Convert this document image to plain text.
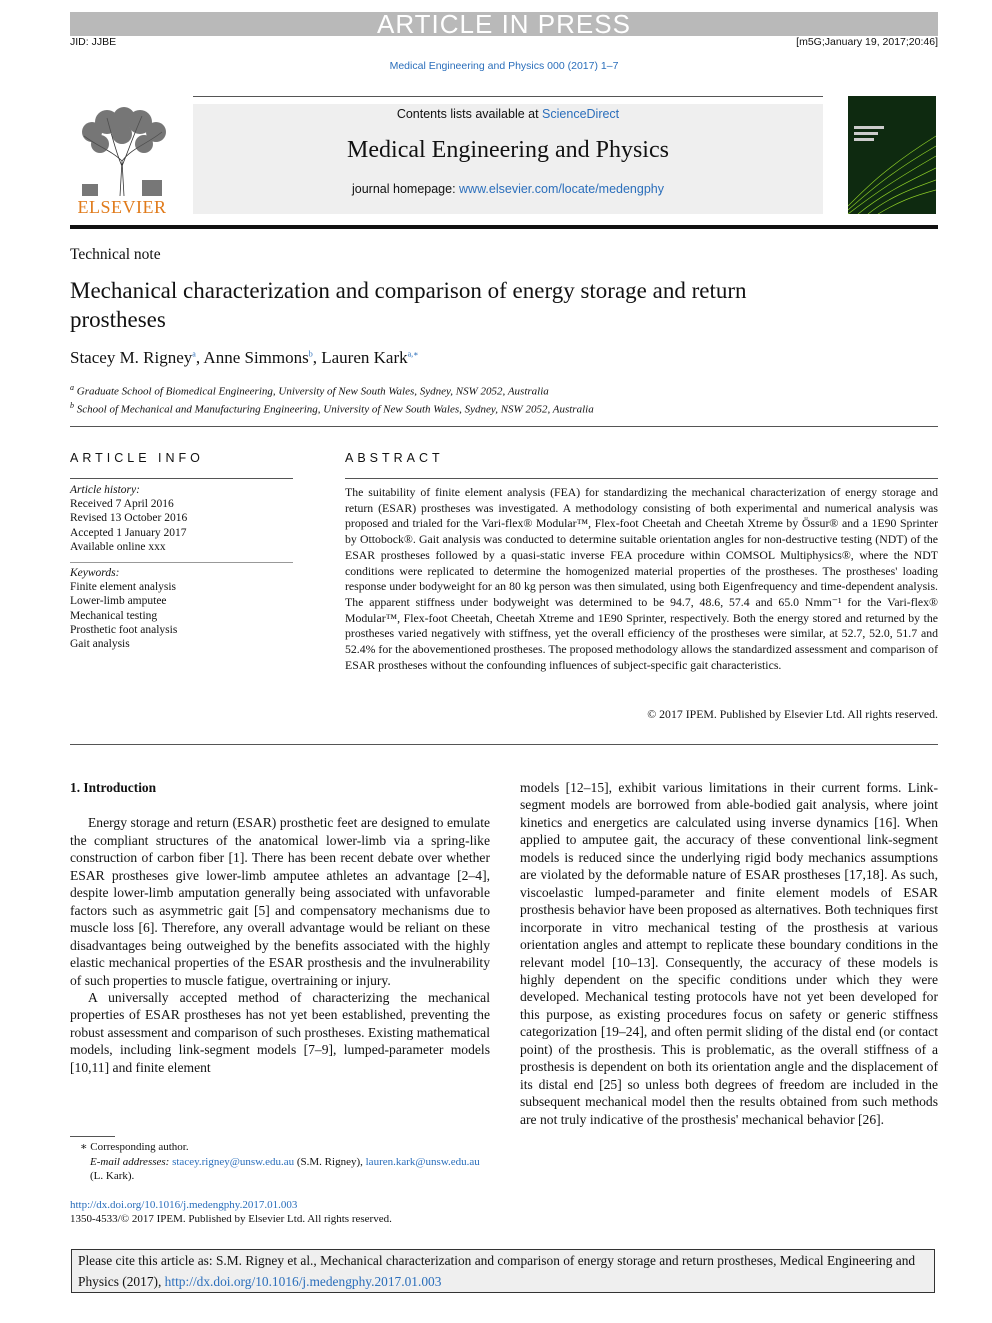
ARTICLE IN PRESS
JID: JJBE	[m5G;January 19, 2017;20:46]
Medical Engineering and Physics 000 (2017) 1–7
ELSEVIER
Contents lists available at ScienceDirect
Medical Engineering and Physics
journal homepage: www.elsevier.com/locate/medengphy
Technical note
Mechanical characterization and comparison of energy storage and return prostheses
Stacey M. Rigney$^a$, Anne Simmons$^b$, Lauren Kark$^{a,∗}$
$^a$ Graduate School of Biomedical Engineering, University of New South Wales, Sydney, NSW 2052, Australia
$^b$ School of Mechanical and Manufacturing Engineering, University of New South Wales, Sydney, NSW 2052, Australia
ARTICLE INFO
Article history:
Received 7 April 2016
Revised 13 October 2016
Accepted 1 January 2017
Available online xxx
Keywords:
Finite element analysis
Lower-limb amputee
Mechanical testing
Prosthetic foot analysis
Gait analysis
ABSTRACT
The suitability of finite element analysis (FEA) for standardizing the mechanical characterization of energy storage and return (ESAR) prostheses was investigated. A methodology consisting of both experimental and numerical analysis was proposed and trialed for the Vari-flex® Modular™, Flex-foot Cheetah and Cheetah Xtreme by Össur® and a 1E90 Sprinter by Ottobock®. Gait analysis was conducted to determine suitable orientation angles for non-destructive testing (NDT) of the ESAR prostheses followed by a quasi-static inverse FEA procedure within COMSOL Multiphysics®, where the NDT conditions were replicated to determine the homogenized material properties of the prostheses. The prostheses' loading response under bodyweight for an 80 kg person was then simulated, using both Eigenfrequency and time-dependent analysis. The apparent stiffness under bodyweight was determined to be 94.7, 48.6, 57.4 and 65.0 Nmm⁻¹ for the Vari-flex® Modular™, Flex-foot Cheetah, Cheetah Xtreme and 1E90 Sprinter, respectively. Both the energy stored and returned by the prostheses varied negatively with stiffness, yet the overall efficiency of the prostheses were similar, at 52.7, 52.0, 51.7 and 52.4% for the abovementioned prostheses. The proposed methodology allows the standardized assessment and comparison of ESAR prostheses without the confounding influences of subject-specific gait characteristics.
© 2017 IPEM. Published by Elsevier Ltd. All rights reserved.
1. Introduction

Energy storage and return (ESAR) prosthetic feet are designed to emulate the compliant structures of the anatomical lower-limb via a spring-like construction of carbon fiber [1]. There has been recent debate over whether ESAR prostheses give lower-limb amputee athletes an advantage [2–4], despite lower-limb amputation generally being associated with unfavorable factors such as asymmetric gait [5] and compensatory mechanisms due to muscle loss [6]. Therefore, any overall advantage would be reliant on these disadvantages being outweighed by the benefits associated with the highly elastic mechanical properties of the ESAR prosthesis and the invulnerability of such properties to muscle fatigue, overtraining or injury.

A universally accepted method of characterizing the mechanical properties of ESAR prostheses has not yet been established, preventing the robust assessment and comparison of such prostheses. Existing mathematical models, including link-segment models [7–9], lumped-parameter models [10,11] and finite element

models [12–15], exhibit various limitations in their current forms. Link-segment models are borrowed from able-bodied gait analysis, where joint kinetics and energetics are calculated using inverse dynamics [16]. When applied to amputee gait, the accuracy of these conventional link-segment models is reduced since the underlying rigid body mechanics assumptions are violated by the deformable nature of ESAR prostheses [17,18]. As such, viscoelastic lumped-parameter and finite element models of ESAR prosthesis behavior have been proposed as alternatives. Both techniques first incorporate in vitro mechanical testing of the prosthesis at various orientation angles and attempt to replicate these boundary conditions in the relevant model [10–13]. Consequently, the accuracy of these models is highly dependent on the specific conditions under which they were developed. Mechanical testing protocols have not yet been developed for this purpose, as existing procedures focus on safety or generic stiffness categorization [19–24], and often permit sliding of the distal end (or contact point) of the prosthesis. This is problematic, as the overall stiffness of a prosthesis is dependent on both its orientation angle and the displacement of its distal end [25] so unless both degrees of freedom are included in the subsequent mechanical model then the results obtained from such methods are not truly indicative of the prosthesis' mechanical behavior [26].

∗ Corresponding author.
E-mail addresses: stacey.rigney@unsw.edu.au (S.M. Rigney), lauren.kark@unsw.edu.au (L. Kark).
http://dx.doi.org/10.1016/j.medengphy.2017.01.003
1350-4533/© 2017 IPEM. Published by Elsevier Ltd. All rights reserved.
Please cite this article as: S.M. Rigney et al., Mechanical characterization and comparison of energy storage and return prostheses, Medical Engineering and Physics (2017), http://dx.doi.org/10.1016/j.medengphy.2017.01.003
